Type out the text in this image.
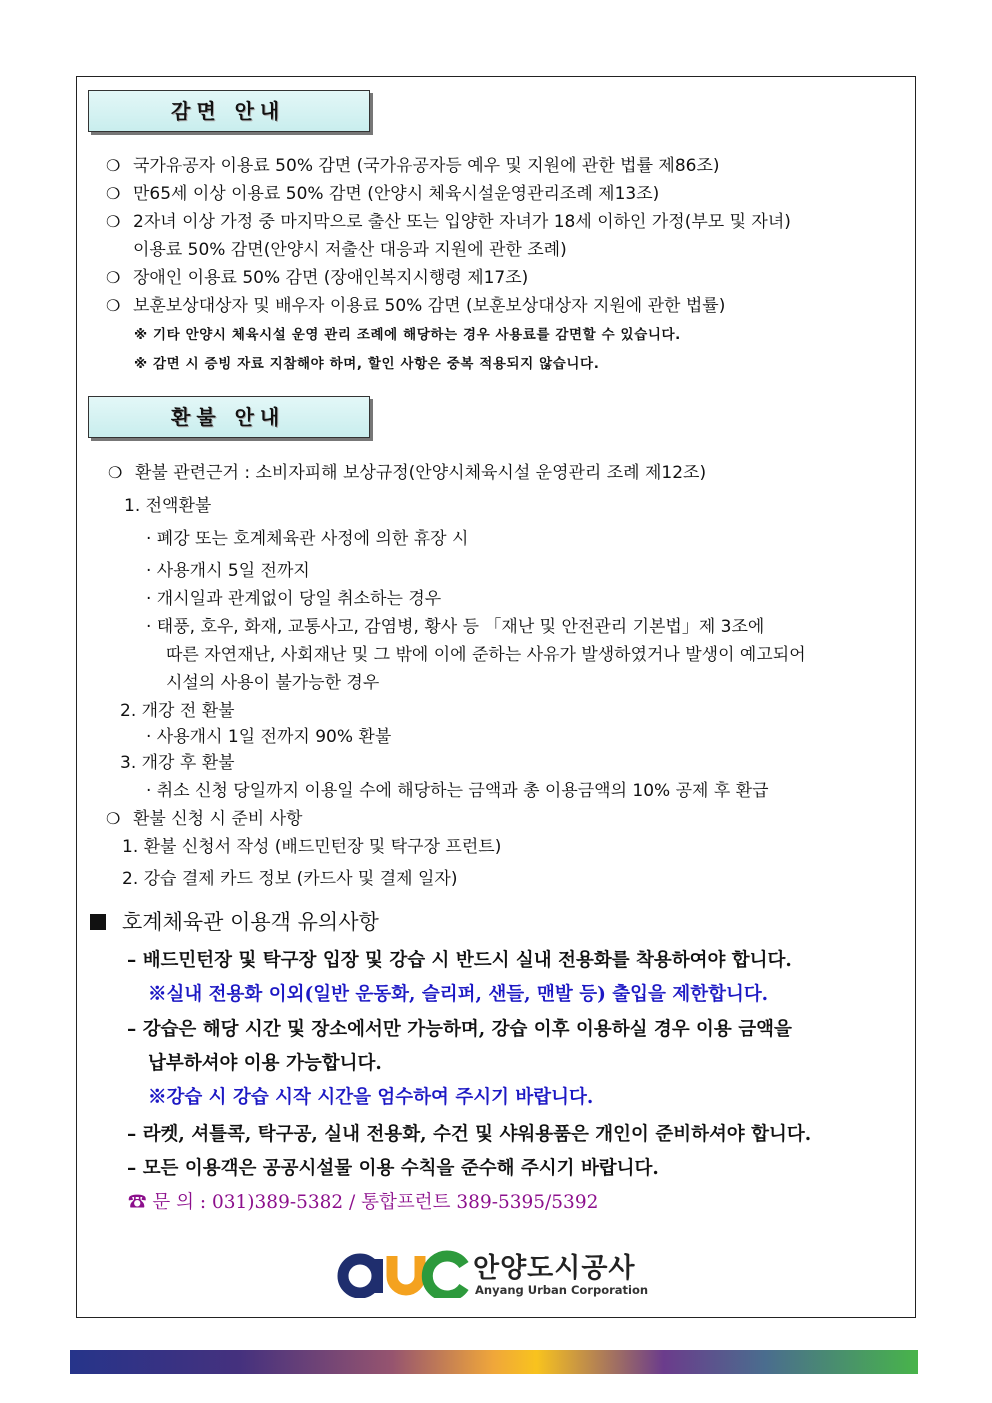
감면 안내
❍ 국가유공자 이용료 50% 감면 (국가유공자등 예우 및 지원에 관한 법률 제86조)
❍ 만65세 이상 이용료 50% 감면 (안양시 체육시설운영관리조례 제13조)
❍ 2자녀 이상 가정 중 마지막으로 출산 또는 입양한 자녀가 18세 이하인 가정(부모 및 자녀)
이용료 50% 감면(안양시 저출산 대응과 지원에 관한 조례)
❍ 장애인 이용료 50% 감면 (장애인복지시행령 제17조)
❍ 보훈보상대상자 및 배우자 이용료 50% 감면 (보훈보상대상자 지원에 관한 법률)
※ 기타 안양시 체육시설 운영 관리 조례에 해당하는 경우 사용료를 감면할 수 있습니다.
※ 감면 시 증빙 자료 지참해야 하며, 할인 사항은 중복 적용되지 않습니다.
환불 안내
❍ 환불 관련근거 : 소비자피해 보상규정(안양시체육시설 운영관리 조례 제12조)
1. 전액환불
· 폐강 또는 호계체육관 사정에 의한 휴장 시
· 사용개시 5일 전까지
· 개시일과 관계없이 당일 취소하는 경우
· 태풍, 호우, 화재, 교통사고, 감염병, 황사 등 「재난 및 안전관리 기본법」제 3조에
따른 자연재난, 사회재난 및 그 밖에 이에 준하는 사유가 발생하였거나 발생이 예고되어
시설의 사용이 불가능한 경우
2. 개강 전 환불
· 사용개시 1일 전까지 90% 환불
3. 개강 후 환불
· 취소 신청 당일까지 이용일 수에 해당하는 금액과 총 이용금액의 10% 공제 후 환급
❍ 환불 신청 시 준비 사항
1. 환불 신청서 작성 (배드민턴장 및 탁구장 프런트)
2. 강습 결제 카드 정보 (카드사 및 결제 일자)
호계체육관 이용객 유의사항
– 배드민턴장 및 탁구장 입장 및 강습 시 반드시 실내 전용화를 착용하여야 합니다.
※실내 전용화 이외(일반 운동화, 슬리퍼, 샌들, 맨발 등) 출입을 제한합니다.
– 강습은 해당 시간 및 장소에서만 가능하며, 강습 이후 이용하실 경우 이용 금액을
납부하셔야 이용 가능합니다.
※강습 시 강습 시작 시간을 엄수하여 주시기 바랍니다.
– 라켓, 셔틀콕, 탁구공, 실내 전용화, 수건 및 샤워용품은 개인이 준비하셔야 합니다.
– 모든 이용객은 공공시설물 이용 수칙을 준수해 주시기 바랍니다.
☎ 문 의 : 031)389-5382 / 통합프런트 389-5395/5392
안양도시공사
Anyang Urban Corporation
